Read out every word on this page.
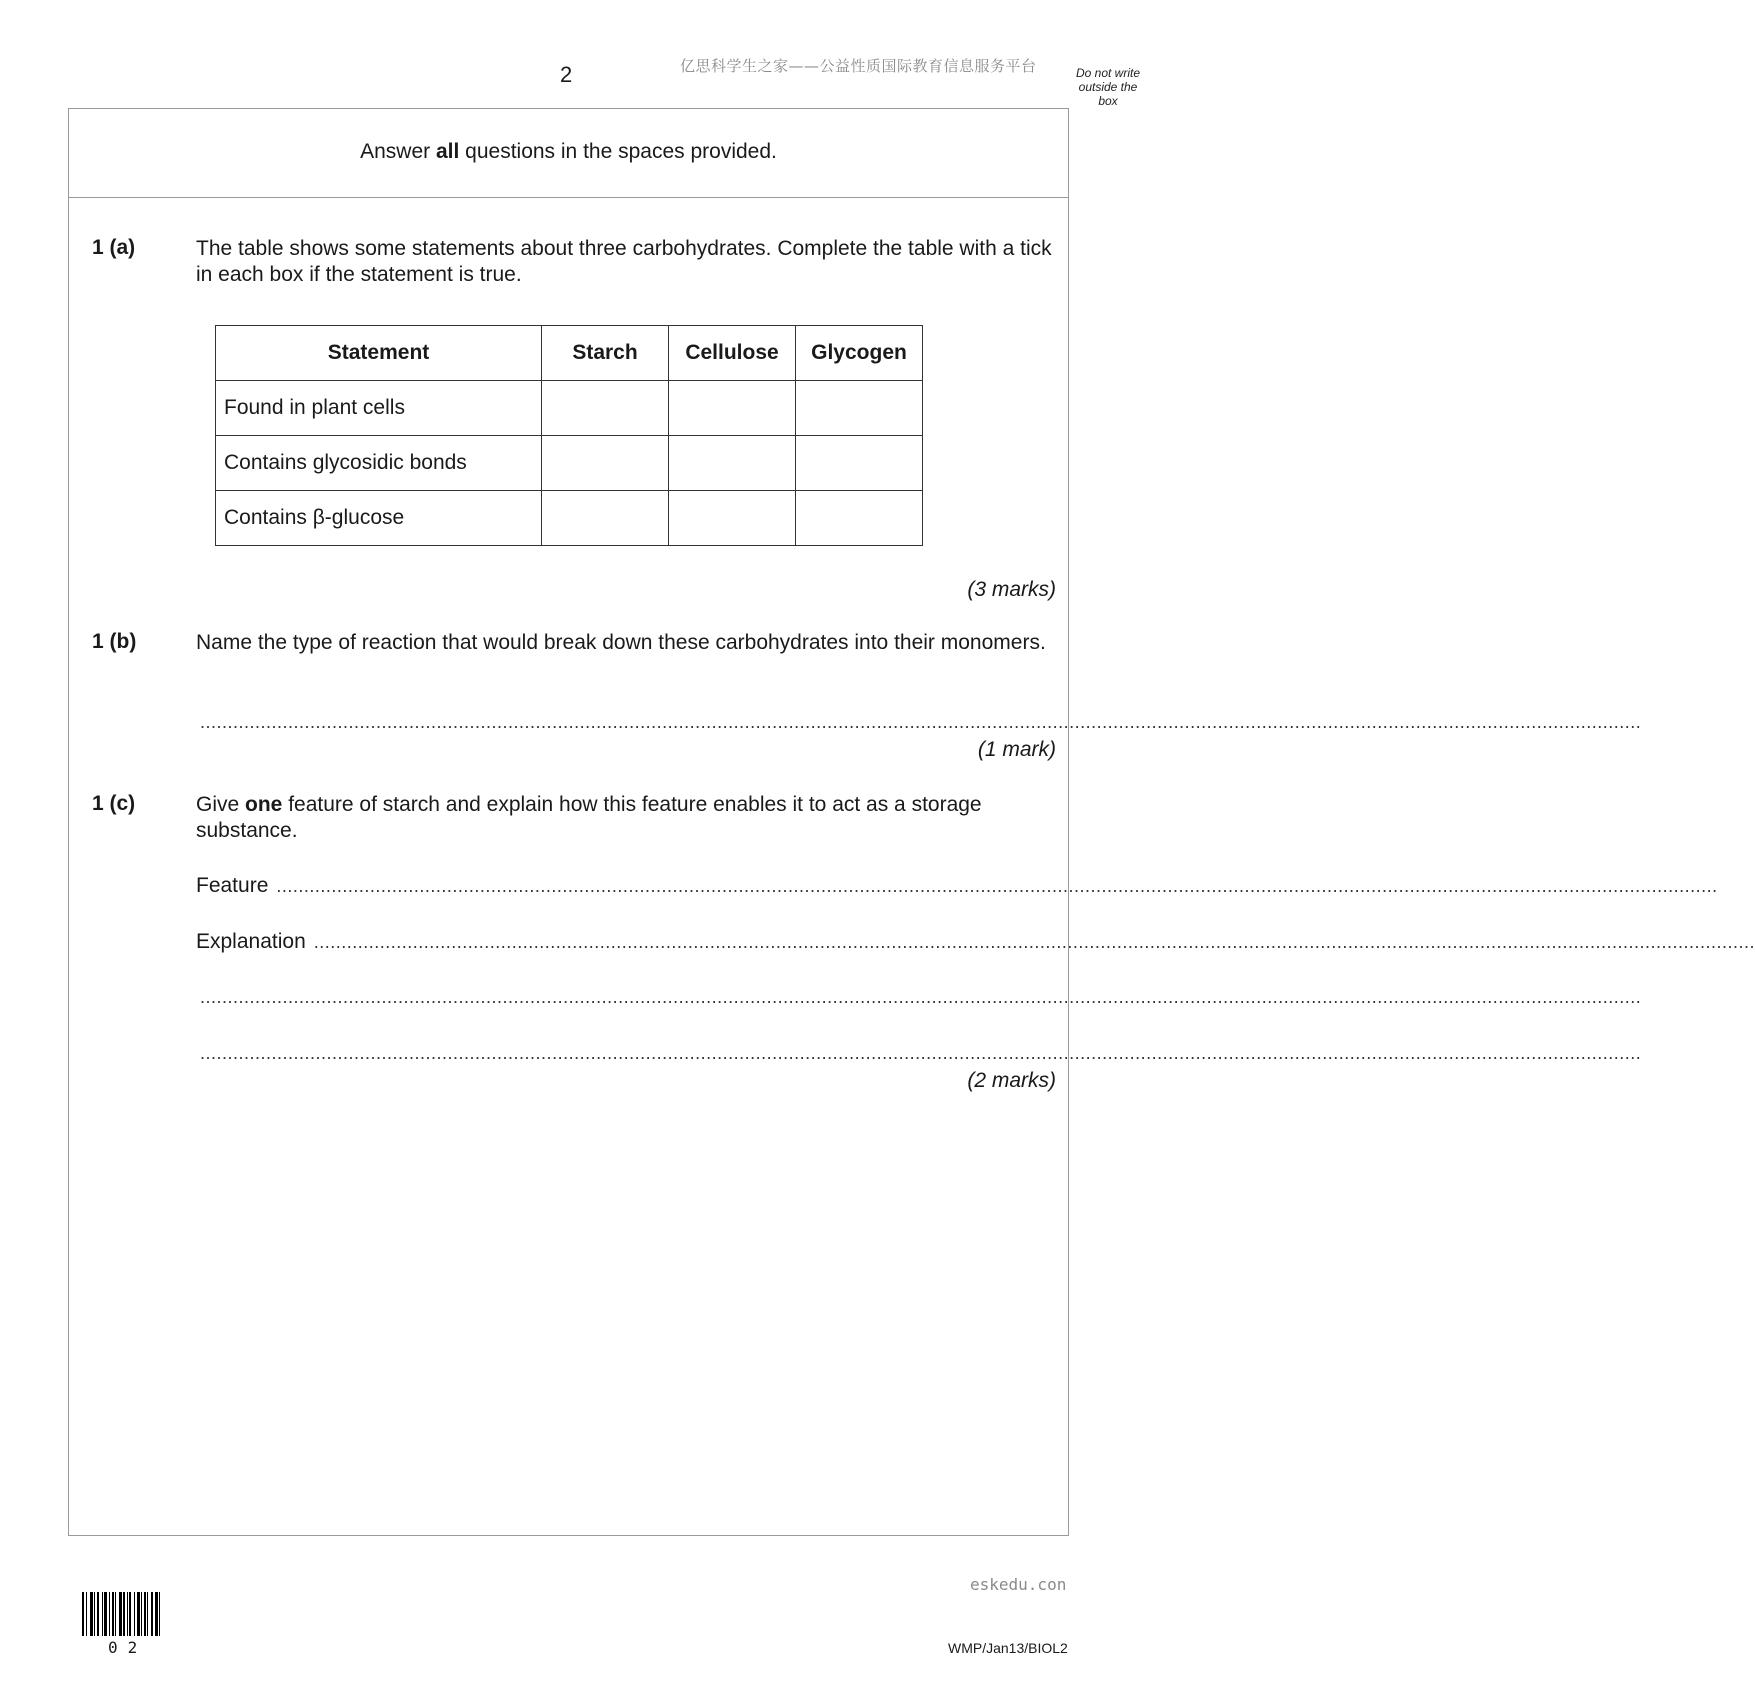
2	亿思科学生之家——公益性质国际教育信息服务平台	Do not write outside the box
Answer all questions in the spaces provided.
1 (a)	The table shows some statements about three carbohydrates. Complete the table with a tick in each box if the statement is true.
Statement	Starch	Cellulose	Glycogen
Found in plant cells			
Contains glycosidic bonds			
Contains β-glucose			
(3 marks)
1 (b)	Name the type of reaction that would break down these carbohydrates into their monomers.
......................................................................................................................................................................................................................................................................
(1 mark)
1 (c)	Give one feature of starch and explain how this feature enables it to act as a storage substance.
Feature ......................................................................................................................................................................................................................................................................
Explanation ......................................................................................................................................................................................................................................................................
......................................................................................................................................................................................................................................................................
......................................................................................................................................................................................................................................................................
(2 marks)
02
eskedu.con
WMP/Jan13/BIOL2
